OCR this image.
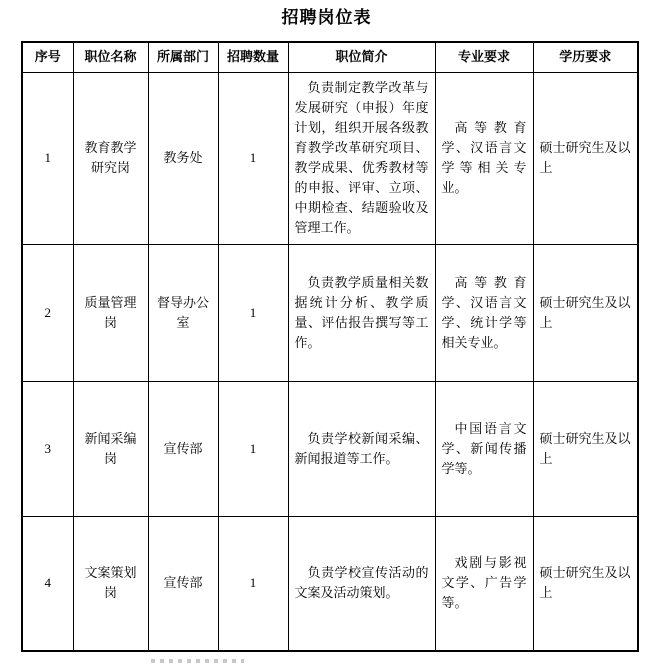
招聘岗位表
序号	职位名称	所属部门	招聘数量	职位简介	专业要求	学历要求
1	教育教学研究岗	教务处	1	负责制定教学改革与发展研究（申报）年度计划，组织开展各级教育教学改革研究项目、教学成果、优秀教材等的申报、评审、立项、中期检查、结题验收及管理工作。	高等教育学、汉语言文学等相关专业。	硕士研究生及以上
2	质量管理岗	督导办公室	1	负责教学质量相关数据统计分析、教学质量、评估报告撰写等工作。	高等教育学、汉语言文学、统计学等相关专业。	硕士研究生及以上
3	新闻采编岗	宣传部	1	负责学校新闻采编、新闻报道等工作。	中国语言文学、新闻传播学等。	硕士研究生及以上
4	文案策划岗	宣传部	1	负责学校宣传活动的文案及活动策划。	戏剧与影视文学、广告学等。	硕士研究生及以上
